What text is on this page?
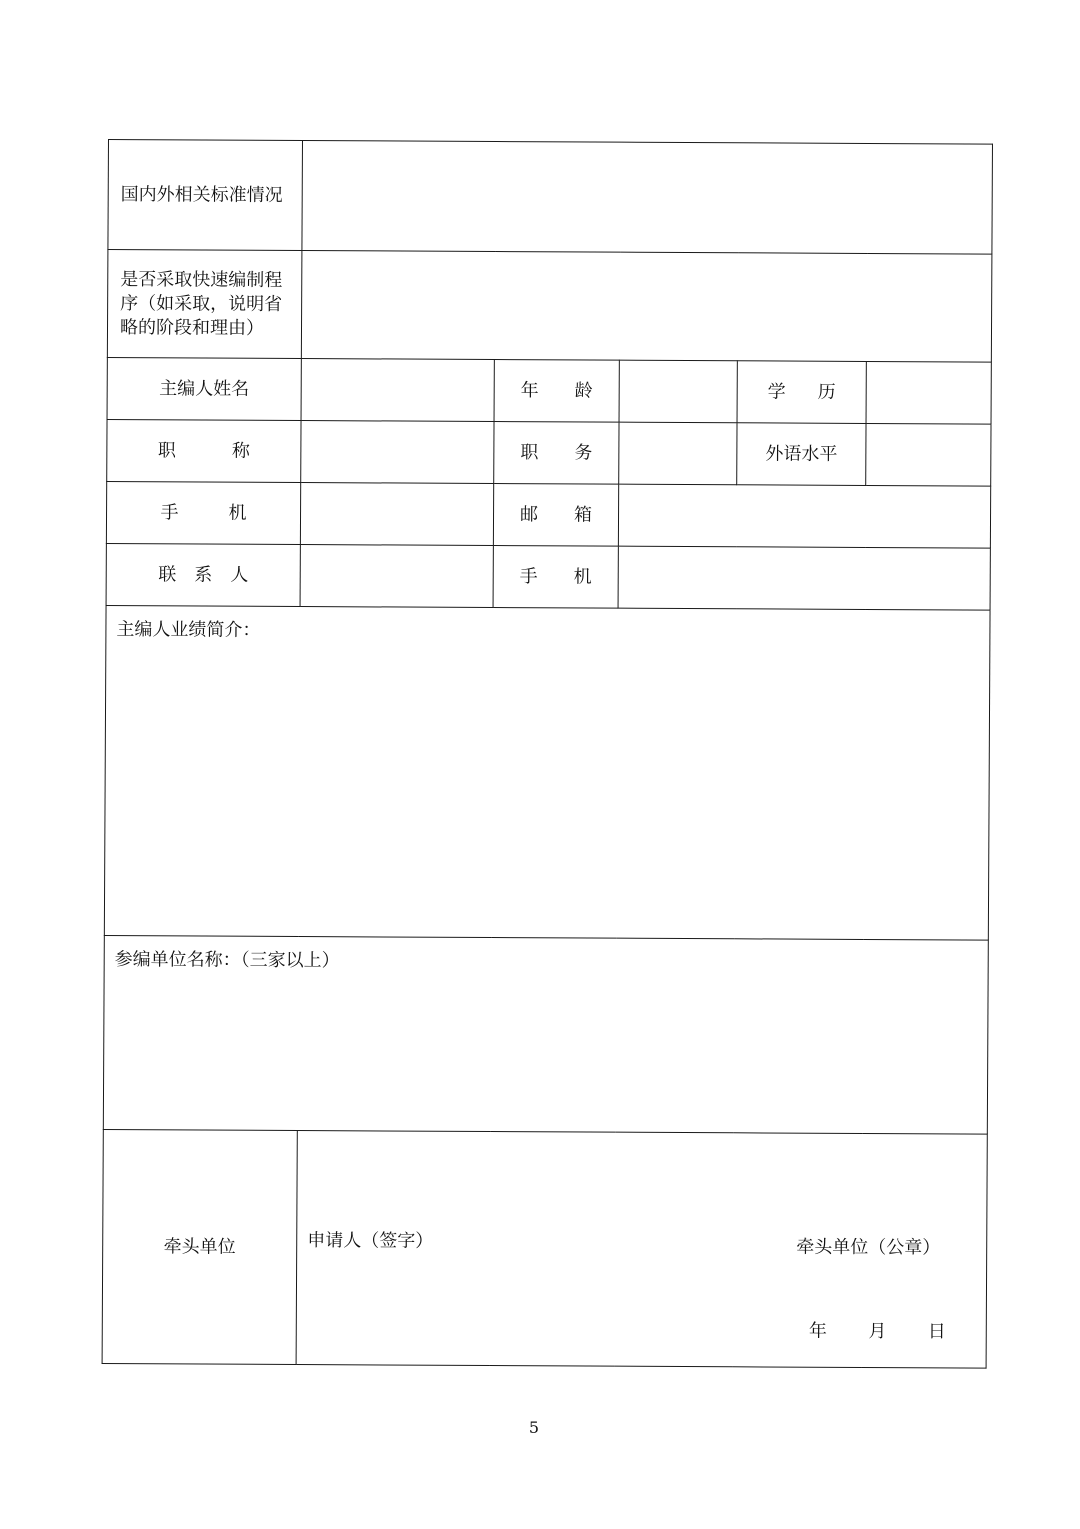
国内外相关标准情况					
是否采取快速编制程序（如采取，说明省略的阶段和理由）					
主编人姓名		年龄		学历	
职称		职务		外语水平	
手机		邮箱			
联系人		手机			
主编人业绩简介：					
参编单位名称：（三家以上）					
牵头单位	申请人（签字） 牵头单位（公章）
年 月 日				
5
